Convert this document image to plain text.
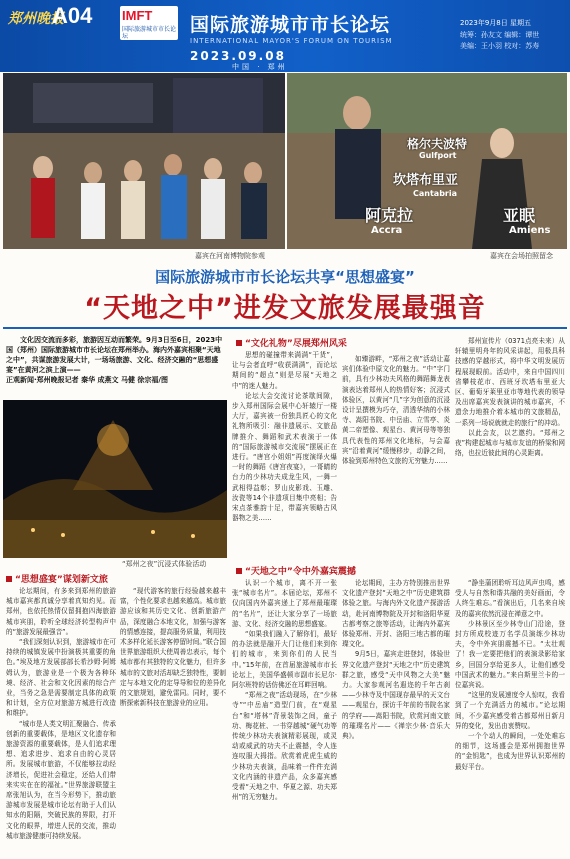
郑州晚报
A04 IMFT
国际旅游城市市长论坛
国际旅游城市市长论坛
INTERNATIONAL MAYOR'S FORUM ON TOURISM
2023.09.08
中国 · 郑州
2023年9月8日 星期五
统筹：孙友文 编辑：谭世
美编：王小羽 校对：苏寿
嘉宾在河南博物院参观
格尔夫波特
Gulfport
坎塔布里亚
Cantabria
阿克拉
Accra
亚眠
Amiens
嘉宾在会场拍照留念
国际旅游城市市长论坛共享“思想盛宴”
“天地之中”进发文旅发展最强音
文化因交流而多彩，旅游因互动而繁荣。9月3日至6日，2023中国（郑州）国际旅游城市市长论坛在郑州举办。海内外嘉宾相聚“天地之中”，共谋旅游发展大计，一场场旅游、文化、经济交融的“思想盛宴”在黄河之滨上演——
正观新闻·郑州晚报记者 秦华 成燕文 马健 徐宗福/图
“郑州之夜”沉浸式体验活动
“思想盛宴”谋划新文旅

论坛期间，有多来到郑州的旅游城市嘉宾都真诚分享着真知灼见。而郑州，也依托热情仅留拥抱四海旅游城市宾朋，聆听全球经济转型构声中的“旅游发展最强音”。

“我们深刻认识到，旅游城市在可持续的城镇发展中扮演极其重要的角色。”埃及地方发展部部长希沙姆·阿姆姆认为，旅游业是一个极为各种环境、经济、社会和文化因素的综合产业，当务之急是需要制定具体的政策和计划，全方位对旅游方城进行改造和维护。

“城市是人类文明汇聚融合、传承创新的重要载体，是地区文化遗存和旅游资源的重要载体，是人们追求理想、追求进步、追求自由的心灵居所。发展城市旅游，不仅能够拉动经济增长，促进社会稳定，还给人们带来实实在在的福祉。”世界旅游联盟主席张旭认为，在当今形势下，推动旅游城市发展是城市论坛有助于人们认知水的阳隔，突破民族的界限，打开文化的眼界，增进人民的交流，推动城市旅游健康可持续发展。

“现代游客的旅行经验越来越丰富，个性化要求也越来越高。城市旅游应该和其历史文化、创新旅游产品，深度融合本地文化，加强与游客的情感连接，提高服务质量，利用技术多样化延长游客停留时间。”联合国世界旅游组织大使周善忠表示，每个城市都有其独特的文化魅力，但许多城市的文旅对活却缺乏独特性，要制定与本地文化的定导导和位的差异化的文旅规划，避免雷同。同时，要不断探索新科技在旅游业的应用。

“文化礼物”尽展郑州风采

思想的碰撞带来满满“干货”，让与会者直呼“收获满满”，而论坛期间的“超点”则是尽展“天地之中”的迷人魅力。

论坛大会交流讨论茶歇间隙，步入郑州国际会展中心轩辕厅一楼大厅，嘉宾被一份独具匠心的文化礼物所吸引：融非遗展示、文旅品牌推介、舞蹈和武术表演于一体的“国际旅游城市交流展”摆展正在进行。“唐宫小姐姐”再度演绎火爆一时的舞蹈《唐宫夜宴》，一哥睛的台力的少林功夫成龙生风，一舞一武相得益彰；罗山皮影戏、玉雕、汝瓷等14个非遗项目集中亮相；告宋点茶雅韵十足，带嘉宾领略古风器物之美……

如臻游畔，“郑州之夜”活动让嘉宾们体验中原文化的魅力。“中”字门前，具有少林功夫风格的舞蹈舞龙表演表达着郑州人的热情好客；沉浸式体验区，以黄河“几”字为创意的沉浸设计呈撰模为巧夺，清透华纳的小林寺、嵩阳书院、中岳庙、立雪亭、炎黄二帝塑像、观星台、黄河母等等独具代表性的郑州文化地标，与会嘉宾“沿着黄河”缓慢移步，动静之间，体验到郑州特色文旅的无穷魅力……

郑州宣传片（0371点亮未来）从轩辕里明舟年的风采讲起，用极具科技感的穿越形式，将中华文明发展历程展现眼前。活动中，来自中国四川省攀枝花市、西班牙坎塔布里亚大区、葡萄牙莱里亚市等地代表的领导及出席嘉宾发表演讲的城市嘉宾，不遗余力地推介着本城市的文旅精品，一系列一场说就就走的旅行“的冲动。

以此会友，以艺邀约。“郑州之夜”构建起城市与城市友谊的桥梁和网络，也拉近彼此间的心灵距离。

“天地之中”令中外嘉宾震撼

认识一个城市，离不开一张张“城市名片”。本届论坛，郑州不仅向国内外嘉宾递上了郑州最璀璨的“名片”，还让大家分享了一场旅游、文化、经济交融的思想盛宴。

“如果我们融入了解你们，最好的办法就是融开大门让他们来到你们的城市，来到你们的人民当中。”15年前，在首届旅游城市市长论坛上，美国华盛顿市副市长尼尔·阿尔班特的话仿佛还在耳畔回响。

“郑州之夜”活动现场，在“少林寺”“中岳庙”造型门前，在“观星台”和“塔林”背景装饰之间，童子功、梅花桩、一书穿越城“硬气功等传统少林功夫表演精彩展现，或灵动或威武的功夫不止震撼，令人连连叹服大拇指。欣赏着虎虎生威的少林功夫表演，品味着一件件充满文化内涵的非遗产品，众多嘉宾感受着“天地之中、华夏之源、功夫郑州”的无穷魅力。

论坛期间，主办方特别推出世界文化遗产登封“天地之中”历史建筑群体验之旅。与海内外文化遗产探游活动，赴河南博物院及开封和洛阳华夏古都考察之旅等活动，让海内外嘉宾体验郑州、开封、洛阳三地古都的璀璨文化。

9月5日，嘉宾走进登封，体验世界文化遗产登封“天地之中”历史建筑群之旅，感受“天中风物之大美”魅力。大家参观河名遐迩的千年古刹——少林寺及中国现存最早的天文台——观星台，探访千年前的书院名家的学府——嵩阳书院，欣赏河南文旅的璀璨名片——《禅宗少林·音乐大典》。

“静坐蒲团聆听耳边风声虫鸣，感受人与自然和谐共融的美好画面，令人终生难忘。”看演出后，几名来自埃及的嘉宾依然沉浸在禅意之中。

少林景区至少林寺山门沿途，登封方所成校迹万名学员演练少林功夫，令中外宾朋震撼不已。“太壮观了！我一定要把他们的表演录影给家乡，回国分享给更多人，让他们感受中国武术的魅力。”来自斯里兰卡的一位嘉宾说。

“这里的发展速度令人惊叹，我看到了一个充满活力的城市。”论坛期间，不少嘉宾感受着古都郑州日新月异的变化，发出由衷赞叹。

一个个动人的瞬间，一处处难忘的细节，这场盛会是郑州拥抱世界的“金钥匙”，也成为世界认识郑州的最好平台。
